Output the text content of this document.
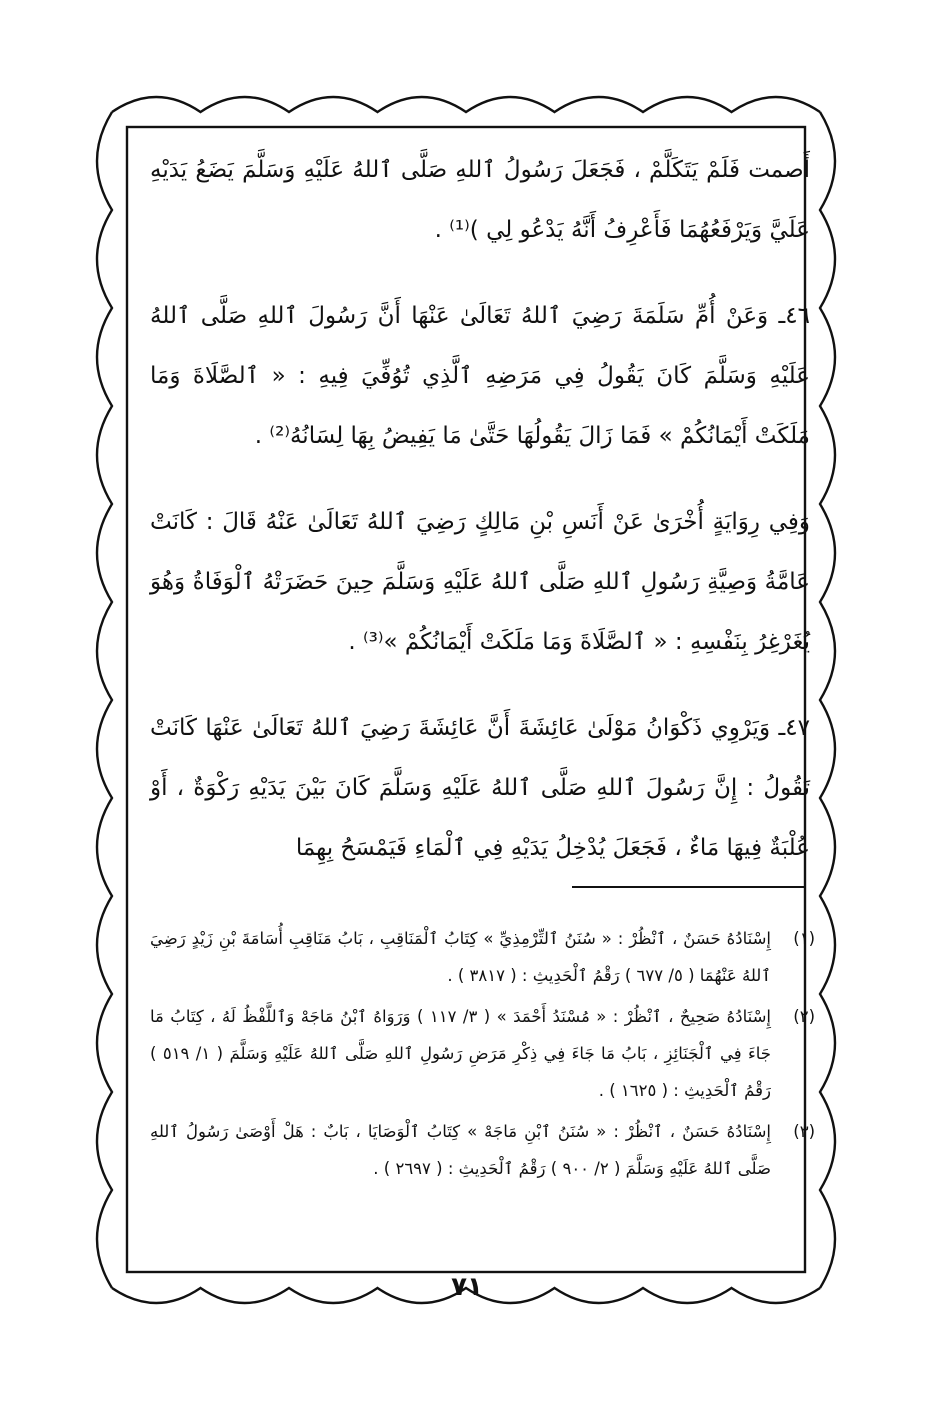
أَصمت فَلَمْ يَتَكَلَّمْ ، فَجَعَلَ رَسُولُ ٱللهِ صَلَّى ٱللهُ عَلَيْهِ وَسَلَّمَ يَضَعُ يَدَيْهِ عَلَيَّ وَيَرْفَعُهُمَا فَأَعْرِفُ أَنَّهُ يَدْعُو لِي )⁽¹⁾ .

٤٦ـ وَعَنْ أُمِّ سَلَمَةَ رَضِيَ ٱللهُ تَعَالَىٰ عَنْهَا أَنَّ رَسُولَ ٱللهِ صَلَّى ٱللهُ عَلَيْهِ وَسَلَّمَ كَانَ يَقُولُ فِي مَرَضِهِ ٱلَّذِي تُوُفِّيَ فِيهِ : « ٱلصَّلَاةَ وَمَا مَلَكَتْ أَيْمَانُكُمْ » فَمَا زَالَ يَقُولُهَا حَتَّىٰ مَا يَفِيضُ بِهَا لِسَانُهُ⁽²⁾ .

وَفِي رِوَايَةٍ أُخْرَىٰ عَنْ أَنَسِ بْنِ مَالِكٍ رَضِيَ ٱللهُ تَعَالَىٰ عَنْهُ قَالَ : كَانَتْ عَامَّةُ وَصِيَّةِ رَسُولِ ٱللهِ صَلَّى ٱللهُ عَلَيْهِ وَسَلَّمَ حِينَ حَضَرَتْهُ ٱلْوَفَاةُ وَهُوَ يُغَرْغِرُ بِنَفْسِهِ : « ٱلصَّلَاةَ وَمَا مَلَكَتْ أَيْمَانُكُمْ »⁽³⁾ .

٤٧ـ وَيَرْوِي ذَكْوَانُ مَوْلَىٰ عَائِشَةَ أَنَّ عَائِشَةَ رَضِيَ ٱللهُ تَعَالَىٰ عَنْهَا كَانَتْ تَقُولُ : إِنَّ رَسُولَ ٱللهِ صَلَّى ٱللهُ عَلَيْهِ وَسَلَّمَ كَانَ بَيْنَ يَدَيْهِ رَكْوَةٌ ، أَوْ عُلْبَةٌ فِيهَا مَاءٌ ، فَجَعَلَ يُدْخِلُ يَدَيْهِ فِي ٱلْمَاءِ فَيَمْسَحُ بِهِمَا

(١)
إِسْنَادُهُ حَسَنٌ ، ٱنْظُرْ : « سُنَنُ ٱلتِّرْمِذِيِّ » كِتَابُ ٱلْمَنَاقِبِ ، بَابُ مَنَاقِبِ أُسَامَةَ بْنِ زَيْدٍ رَضِيَ ٱللهُ عَنْهُمَا ( ٥/ ٦٧٧ ) رَقْمُ ٱلْحَدِيثِ : ( ٣٨١٧ ) .
(٢)
إِسْنَادُهُ صَحِيحٌ ، ٱنْظُرْ : « مُسْنَدُ أَحْمَدَ » ( ٣/ ١١٧ ) وَرَوَاهُ ٱبْنُ مَاجَهْ وَٱللَّفْظُ لَهُ ، كِتَابُ مَا جَاءَ فِي ٱلْجَنَائِزِ ، بَابُ مَا جَاءَ فِي ذِكْرِ مَرَضِ رَسُولِ ٱللهِ صَلَّى ٱللهُ عَلَيْهِ وَسَلَّمَ ( ١/ ٥١٩ ) رَقْمُ ٱلْحَدِيثِ : ( ١٦٢٥ ) .
(٣)
إِسْنَادُهُ حَسَنٌ ، ٱنْظُرْ : « سُنَنُ ٱبْنِ مَاجَهْ » كِتَابُ ٱلْوَصَايَا ، بَابٌ : هَلْ أَوْصَىٰ رَسُولُ ٱللهِ صَلَّى ٱللهُ عَلَيْهِ وَسَلَّمَ ( ٢/ ٩٠٠ ) رَقْمُ ٱلْحَدِيثِ : ( ٢٦٩٧ ) .
٧١
